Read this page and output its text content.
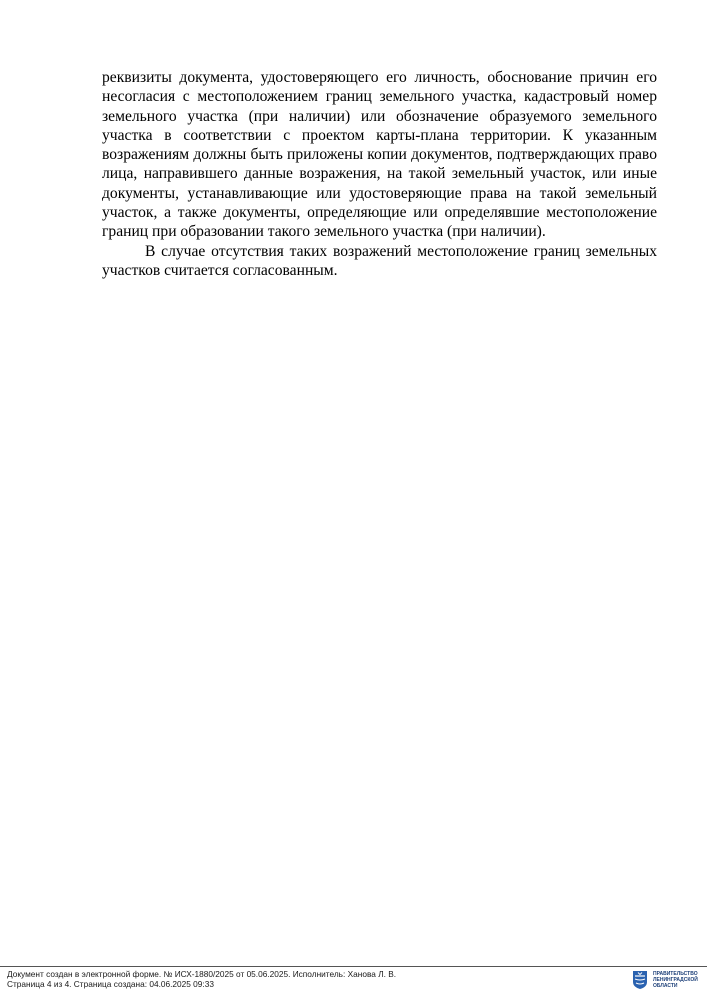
реквизиты документа, удостоверяющего его личность, обоснование причин его несогласия с местоположением границ земельного участка, кадастровый номер земельного участка (при наличии) или обозначение образуемого земельного участка в соответствии с проектом карты-плана территории. К указанным возражениям должны быть приложены копии документов, подтверждающих право лица, направившего данные возражения, на такой земельный участок, или иные документы, устанавливающие или удостоверяющие права на такой земельный участок, а также документы, определяющие или определявшие местоположение границ при образовании такого земельного участка (при наличии).

В случае отсутствия таких возражений местоположение границ земельных участков считается согласованным.

Документ создан в электронной форме. № ИСХ-1880/2025 от 05.06.2025. Исполнитель: Ханова Л. В.
Страница 4 из 4. Страница создана: 04.06.2025 09:33
ПРАВИТЕЛЬСТВО
ЛЕНИНГРАДСКОЙ
ОБЛАСТИ
